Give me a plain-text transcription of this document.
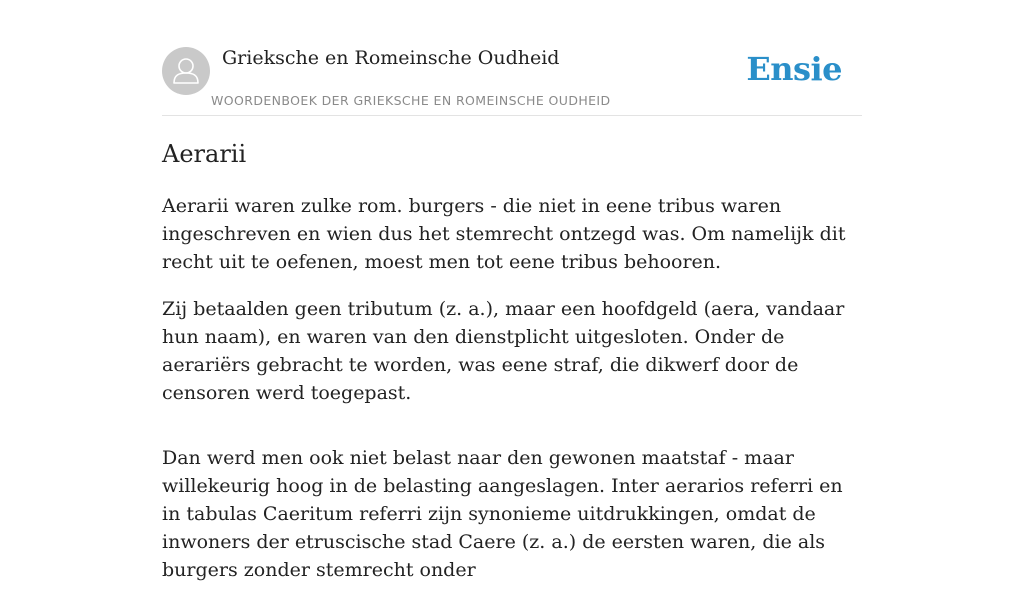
Grieksche en Romeinsche Oudheid
WOORDENBOEK DER GRIEKSCHE EN ROMEINSCHE OUDHEID
Ensie
Aerarii

Aerarii waren zulke rom. burgers - die niet in eene tribus waren ingeschreven en wien dus het stemrecht ontzegd was. Om namelijk dit recht uit te oefenen, moest men tot eene tribus behooren.

Zij betaalden geen tributum (z. a.), maar een hoofdgeld (aera, vandaar hun naam), en waren van den dienstplicht uitgesloten. Onder de aerariërs gebracht te worden, was eene straf, die dikwerf door de censoren werd toegepast.

Dan werd men ook niet belast naar den gewonen maatstaf - maar willekeurig hoog in de belasting aangeslagen. Inter aerarios referri en in tabulas Caeritum referri zijn synonieme uitdrukkingen, omdat de inwoners der etruscische stad Caere (z. a.) de eersten waren, die als burgers zonder stemrecht onder
